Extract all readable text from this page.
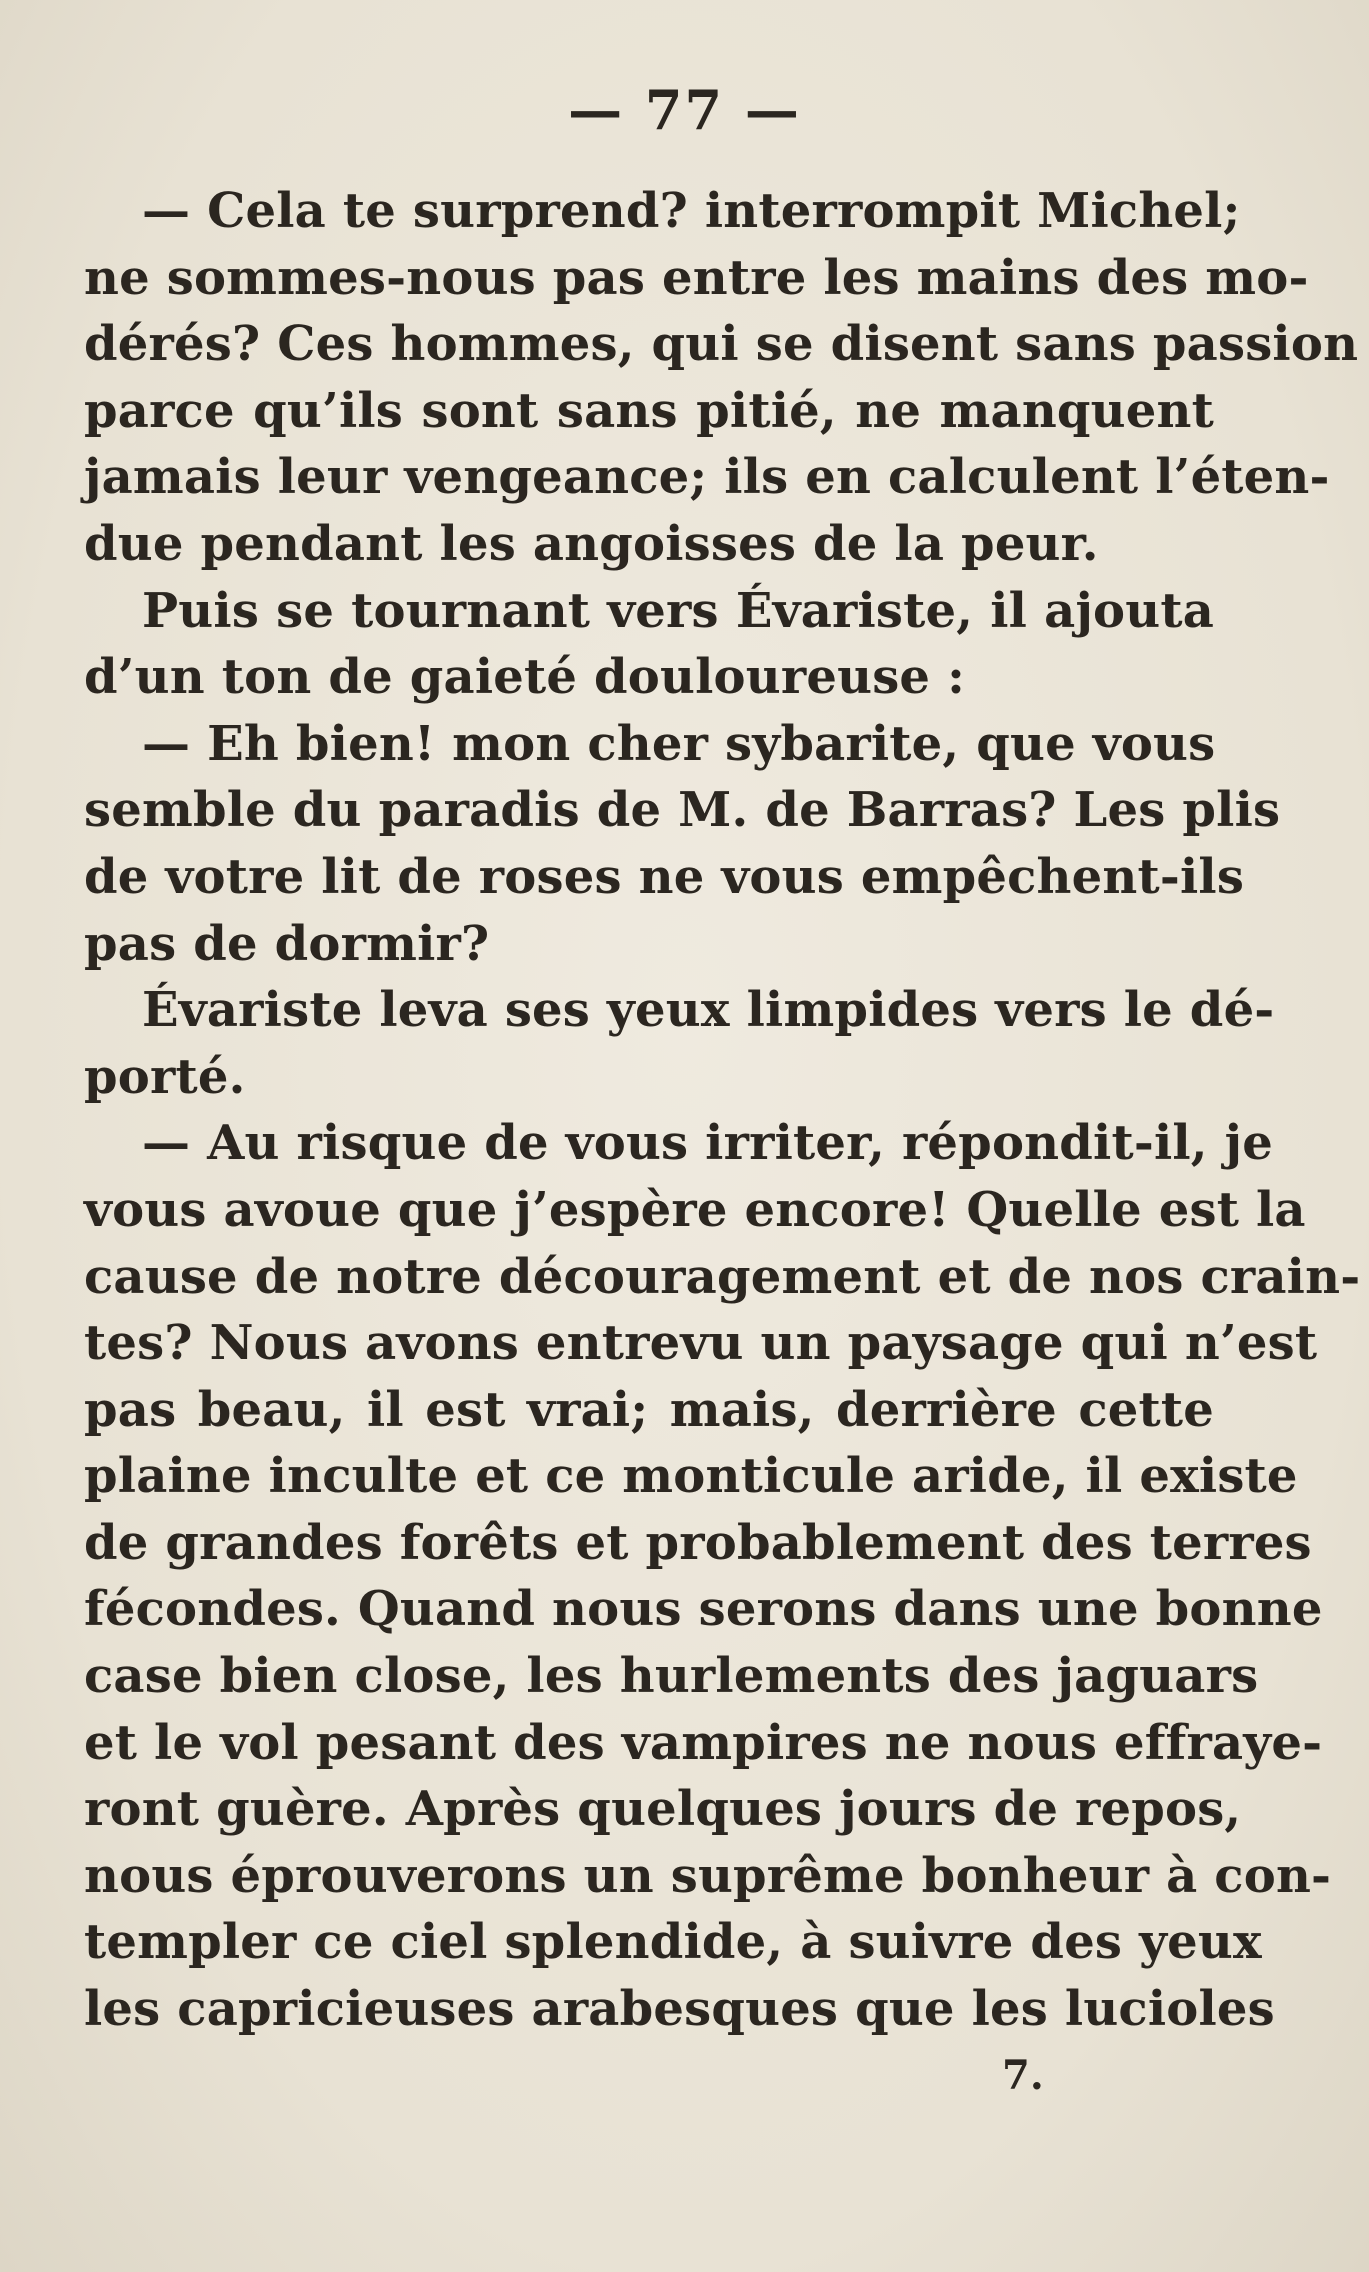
— 77 —
— Cela te surprend? interrompit Michel;
ne sommes-nous pas entre les mains des mo-
dérés? Ces hommes, qui se disent sans passion
parce qu’ils sont sans pitié, ne manquent
jamais leur vengeance; ils en calculent l’éten-
due pendant les angoisses de la peur.
Puis se tournant vers Évariste, il ajouta
d’un ton de gaieté douloureuse :
— Eh bien! mon cher sybarite, que vous
semble du paradis de M. de Barras? Les plis
de votre lit de roses ne vous empêchent-ils
pas de dormir?
Évariste leva ses yeux limpides vers le dé-
porté.
— Au risque de vous irriter, répondit-il, je
vous avoue que j’espère encore! Quelle est la
cause de notre découragement et de nos crain-
tes? Nous avons entrevu un paysage qui n’est
pas beau, il est vrai; mais, derrière cette
plaine inculte et ce monticule aride, il existe
de grandes forêts et probablement des terres
fécondes. Quand nous serons dans une bonne
case bien close, les hurlements des jaguars
et le vol pesant des vampires ne nous effraye-
ront guère. Après quelques jours de repos,
nous éprouverons un suprême bonheur à con-
templer ce ciel splendide, à suivre des yeux
les capricieuses arabesques que les lucioles
7.
